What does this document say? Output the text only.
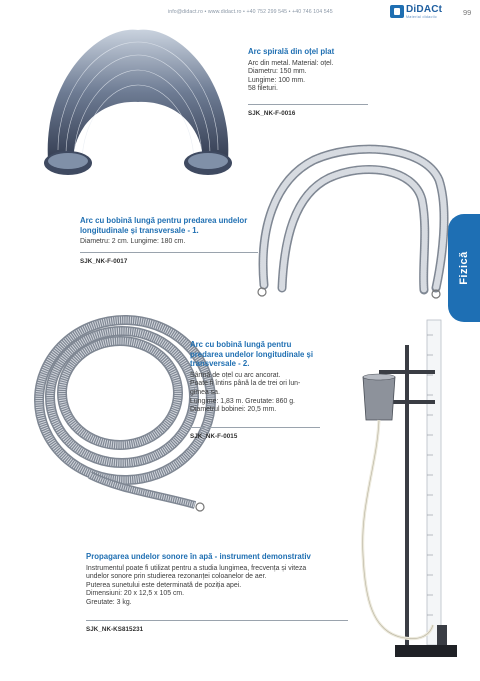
info@didact.ro • www.didact.ro • +40 752 299 545 • +40 746 104 545	DiDACt
Material didactic	99
Fizică
Arc spirală din oțel plat
Arc din metal. Material: oțel.
Diametru: 150 mm.
Lungime: 100 mm.
58 fileturi.
SJK_NK-F-0016
Arc cu bobină lungă pentru predarea undelor
longitudinale și transversale - 1.
Diametru: 2 cm. Lungime: 180 cm.
SJK_NK-F-0017
Arc cu bobină lungă pentru
predarea undelor longitudinale și
transversale - 2.
Sârmă de oțel cu arc ancorat.
Poate fi întins până la de trei ori lun-
gimea sa.
Lungime: 1,83 m. Greutate: 860 g.
Diametrul bobinei: 20,5 mm.
SJK_NK-F-0015
Propagarea undelor sonore în apă - instrument demonstrativ
Instrumentul poate fi utilizat pentru a studia lungimea, frecvența și viteza
undelor sonore prin studierea rezonanței coloanelor de aer.
Puterea sunetului este determinată de poziția apei.
Dimensiuni: 20 x 12,5 x 105 cm.
Greutate: 3 kg.
SJK_NK-KS815231
